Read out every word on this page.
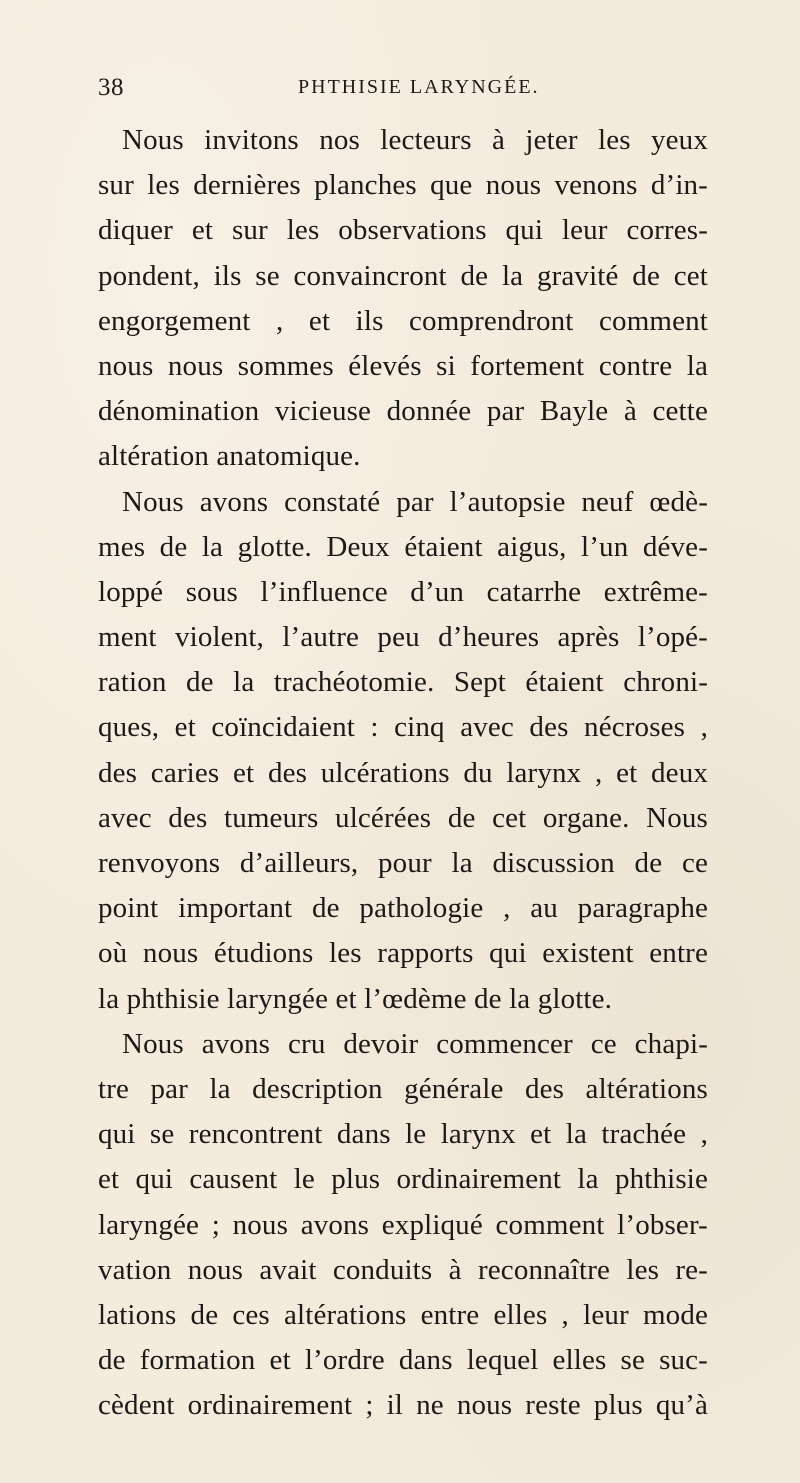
38	PHTHISIE LARYNGÉE.
Nous invitons nos lecteurs à jeter les yeux
sur les dernières planches que nous venons d’in-
diquer et sur les observations qui leur corres-
pondent, ils se convaincront de la gravité de cet
engorgement , et ils comprendront comment
nous nous sommes élevés si fortement contre la
dénomination vicieuse donnée par Bayle à cette
altération anatomique.
Nous avons constaté par l’autopsie neuf œdè-
mes de la glotte. Deux étaient aigus, l’un déve-
loppé sous l’influence d’un catarrhe extrême-
ment violent, l’autre peu d’heures après l’opé-
ration de la trachéotomie. Sept étaient chroni-
ques, et coïncidaient : cinq avec des nécroses ,
des caries et des ulcérations du larynx , et deux
avec des tumeurs ulcérées de cet organe. Nous
renvoyons d’ailleurs, pour la discussion de ce
point important de pathologie , au paragraphe
où nous étudions les rapports qui existent entre
la phthisie laryngée et l’œdème de la glotte.
Nous avons cru devoir commencer ce chapi-
tre par la description générale des altérations
qui se rencontrent dans le larynx et la trachée ,
et qui causent le plus ordinairement la phthisie
laryngée ; nous avons expliqué comment l’obser-
vation nous avait conduits à reconnaître les re-
lations de ces altérations entre elles , leur mode
de formation et l’ordre dans lequel elles se suc-
cèdent ordinairement ; il ne nous reste plus qu’à
